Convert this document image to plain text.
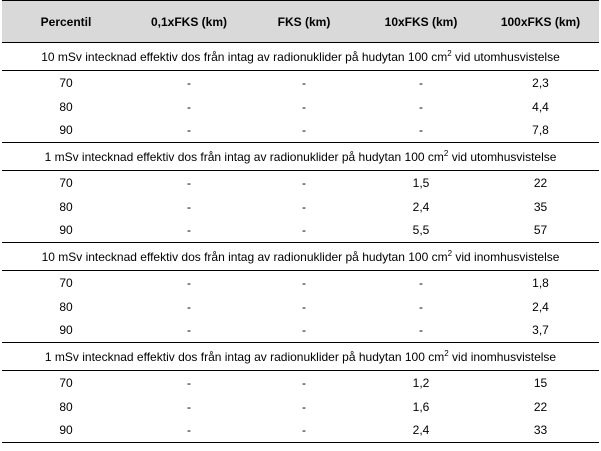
Percentil	0,1xFKS (km)	FKS (km)	10xFKS (km)	100xFKS (km)
10 mSv intecknad effektiv dos från intag av radionuklider på hudytan 100 $cm^2$ vid utomhusvistelse				
70	-	-	-	2,3
80	-	-	-	4,4
90	-	-	-	7,8
1 mSv intecknad effektiv dos från intag av radionuklider på hudytan 100 $cm^2$ vid utomhusvistelse				
70	-	-	1,5	22
80	-	-	2,4	35
90	-	-	5,5	57
10 mSv intecknad effektiv dos från intag av radionuklider på hudytan 100 $cm^2$ vid inomhusvistelse				
70	-	-	-	1,8
80	-	-	-	2,4
90	-	-	-	3,7
1 mSv intecknad effektiv dos från intag av radionuklider på hudytan 100 $cm^2$ vid inomhusvistelse				
70	-	-	1,2	15
80	-	-	1,6	22
90	-	-	2,4	33
